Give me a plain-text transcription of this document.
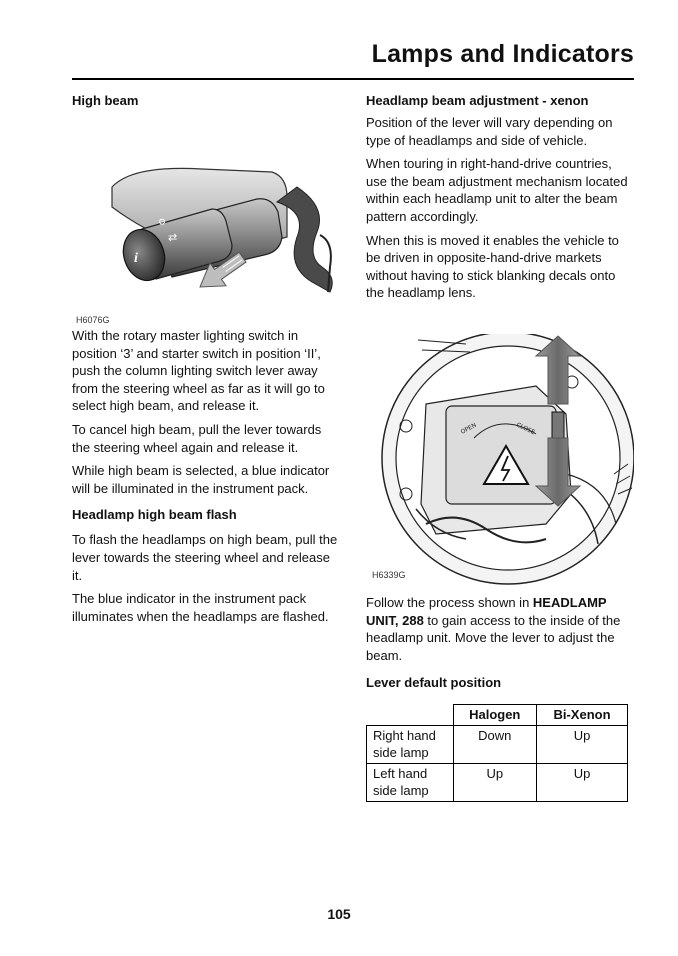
Lamps and Indicators
High beam
i
⇄
⚙
H6076G

With the rotary master lighting switch in position ‘3’ and starter switch in position ‘II’, push the column lighting switch lever away from the steering wheel as far as it will go to select high beam, and release it.

To cancel high beam, pull the lever towards the steering wheel again and release it.

While high beam is selected, a blue indicator will be illuminated in the instrument pack.

Headlamp high beam flash

To flash the headlamps on high beam, pull the lever towards the steering wheel and release it.

The blue indicator in the instrument pack illuminates when the headlamps are flashed.

Headlamp beam adjustment - xenon

Position of the lever will vary depending on type of headlamps and side of vehicle.

When touring in right-hand-drive countries, use the beam adjustment mechanism located within each headlamp unit to alter the beam pattern accordingly.

When this is moved it enables the vehicle to be driven in opposite-hand-drive markets without having to stick blanking decals onto the headlamp lens.

OPEN	CLOSE
H6339G

Follow the process shown in HEADLAMP UNIT, 288 to gain access to the inside of the headlamp unit. Move the lever to adjust the beam.

Lever default position
	Halogen	Bi-Xenon
Right hand side lamp	Down	Up
Left hand side lamp	Up	Up
105
